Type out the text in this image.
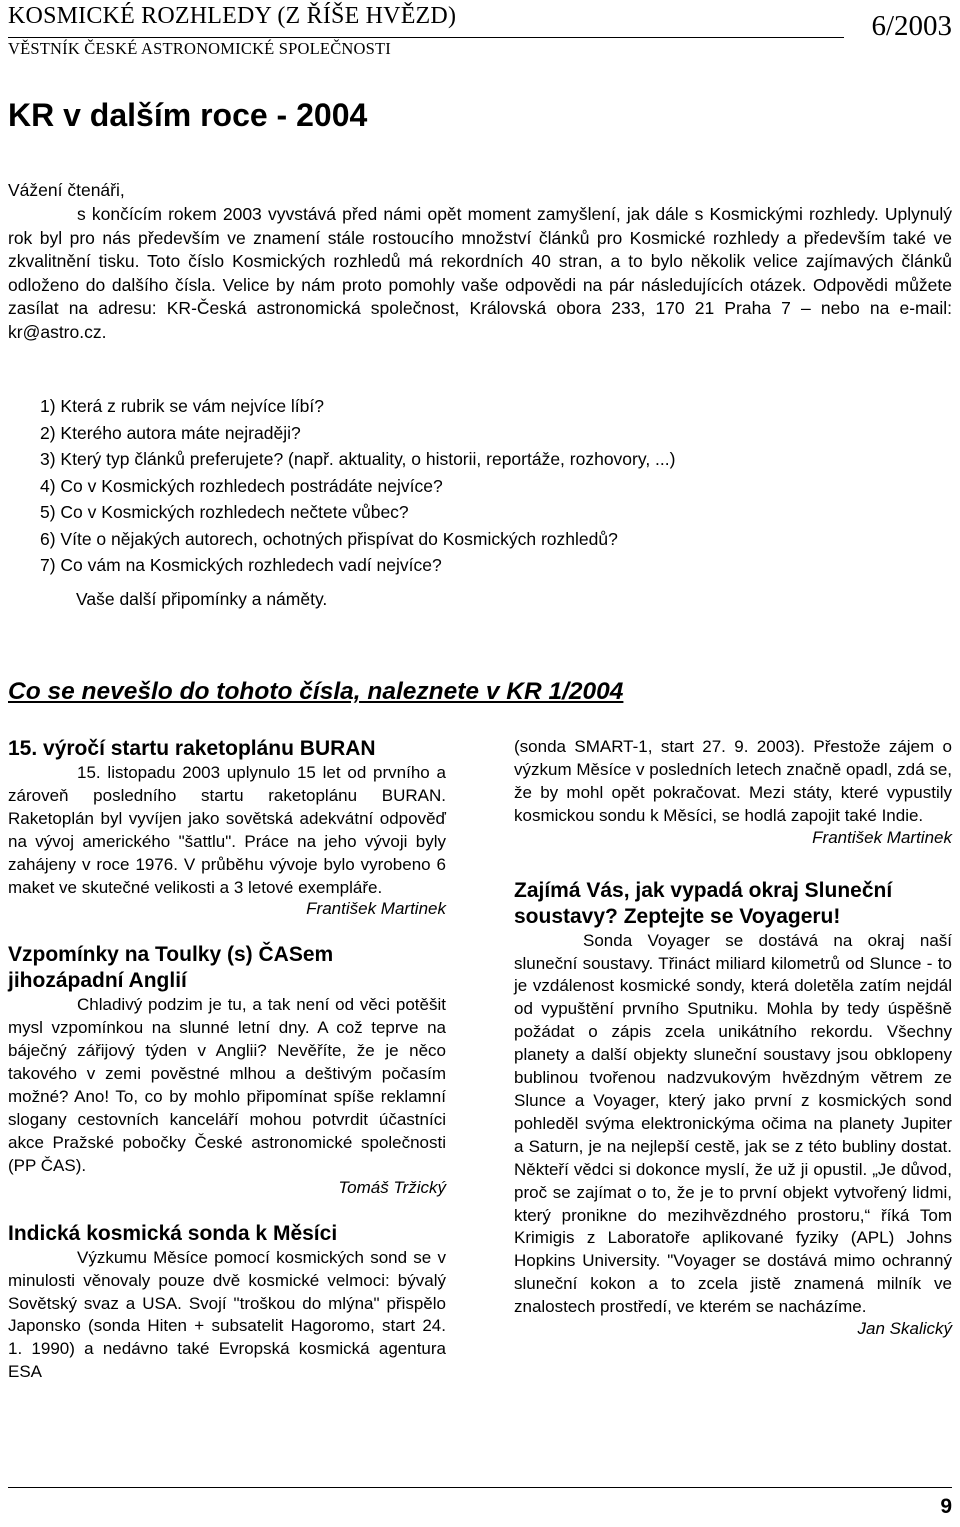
KOSMICKÉ ROZHLEDY (Z ŘÍŠE HVĚZD)
VĚSTNÍK ČESKÉ ASTRONOMICKÉ SPOLEČNOSTI
6/2003
KR v dalším roce - 2004
Vážení čtenáři,
s končícím rokem 2003 vyvstává před námi opět moment zamyšlení, jak dále s Kosmickými rozhledy. Uplynulý rok byl pro nás především ve znamení stále rostoucího množství článků pro Kosmické rozhledy a především také ve zkvalitnění tisku. Toto číslo Kosmických rozhledů má rekordních 40 stran, a to bylo několik velice zajímavých článků odloženo do dalšího čísla. Velice by nám proto pomohly vaše odpovědi na pár následujících otázek. Odpovědi můžete zasílat na adresu: KR-Česká astronomická společnost, Královská obora 233, 170 21 Praha 7 – nebo na e-mail: kr@astro.cz.
1) Která z rubrik se vám nejvíce líbí?
2) Kterého autora máte nejraději?
3) Který typ článků preferujete? (např. aktuality, o historii, reportáže, rozhovory, ...)
4) Co v Kosmických rozhledech postrádáte nejvíce?
5) Co v Kosmických rozhledech nečtete vůbec?
6) Víte o nějakých autorech, ochotných přispívat do Kosmických rozhledů?
7) Co vám na Kosmických rozhledech vadí nejvíce?
Vaše další připomínky a náměty.
Co se nevešlo do tohoto čísla, naleznete v KR 1/2004
15. výročí startu raketoplánu BURAN
15. listopadu 2003 uplynulo 15 let od prvního a zároveň posledního startu raketoplánu BURAN. Raketoplán byl vyvíjen jako sovětská adekvátní odpověď na vývoj amerického "šattlu". Práce na jeho vývoji byly zahájeny v roce 1976. V průběhu vývoje bylo vyrobeno 6 maket ve skutečné velikosti a 3 letové exempláře.
František Martinek
Vzpomínky na Toulky (s) ČASem jihozápadní Anglií
Chladivý podzim je tu, a tak není od věci potěšit mysl vzpomínkou na slunné letní dny. A což teprve na báječný zářijový týden v Anglii? Nevěříte, že je něco takového v zemi pověstné mlhou a deštivým počasím možné? Ano! To, co by mohlo připomínat spíše reklamní slogany cestovních kanceláří mohou potvrdit účastníci akce Pražské pobočky České astronomické společnosti (PP ČAS).
Tomáš Tržický
Indická kosmická sonda k Měsíci
Výzkumu Měsíce pomocí kosmických sond se v minulosti věnovaly pouze dvě kosmické velmoci: bývalý Sovětský svaz a USA. Svojí "troškou do mlýna" přispělo Japonsko (sonda Hiten + subsatelit Hagoromo, start 24. 1. 1990) a nedávno také Evropská kosmická agentura ESA
(sonda SMART-1, start 27. 9. 2003). Přestože zájem o výzkum Měsíce v posledních letech značně opadl, zdá se, že by mohl opět pokračovat. Mezi státy, které vypustily kosmickou sondu k Měsíci, se hodlá zapojit také Indie.
František Martinek
Zajímá Vás, jak vypadá okraj Sluneční soustavy? Zeptejte se Voyageru!
Sonda Voyager se dostává na okraj naší sluneční soustavy. Třináct miliard kilometrů od Slunce - to je vzdálenost kosmické sondy, která doletěla zatím nejdál od vypuštění prvního Sputniku. Mohla by tedy úspěšně požádat o zápis zcela unikátního rekordu. Všechny planety a další objekty sluneční soustavy jsou obklopeny bublinou tvořenou nadzvukovým hvězdným větrem ze Slunce a Voyager, který jako první z kosmických sond pohleděl svýma elektronickýma očima na planety Jupiter a Saturn, je na nejlepší cestě, jak se z této bubliny dostat. Někteří vědci si dokonce myslí, že už ji opustil. „Je důvod, proč se zajímat o to, že je to první objekt vytvořený lidmi, který pronikne do mezihvězdného prostoru,“ říká Tom Krimigis z Laboratoře aplikované fyziky (APL) Johns Hopkins University. "Voyager se dostává mimo ochranný sluneční kokon a to zcela jistě znamená milník ve znalostech prostředí, ve kterém se nacházíme.
Jan Skalický
9
